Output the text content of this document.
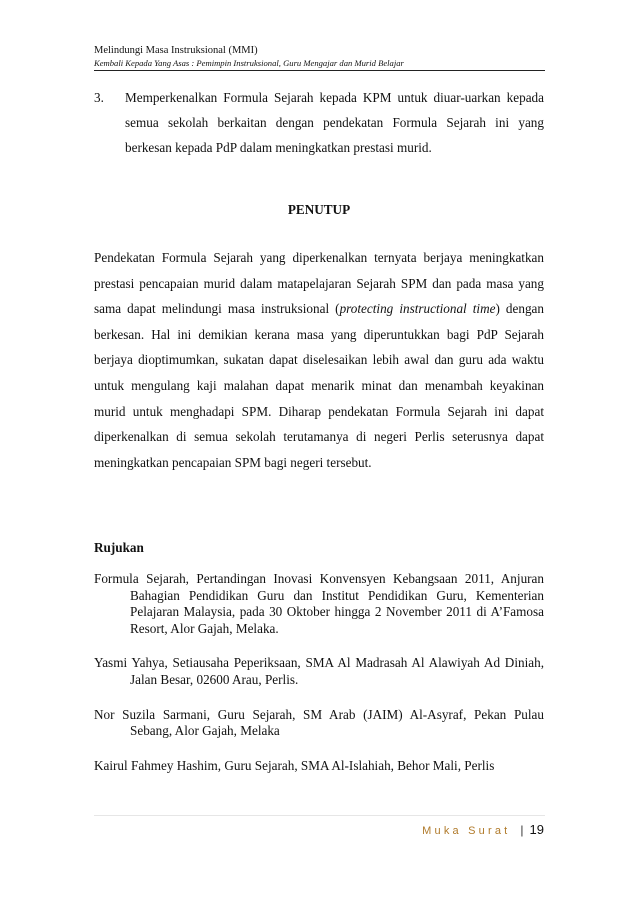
Melindungi Masa Instruksional (MMI)
Kembali Kepada Yang Asas : Pemimpin Instruksional, Guru Mengajar dan Murid Belajar
3. Memperkenalkan Formula Sejarah kepada KPM untuk diuar-uarkan kepada semua sekolah berkaitan dengan pendekatan Formula Sejarah ini yang berkesan kepada PdP dalam meningkatkan prestasi murid.
PENUTUP
Pendekatan Formula Sejarah yang diperkenalkan ternyata berjaya meningkatkan prestasi pencapaian murid dalam matapelajaran Sejarah SPM dan pada masa yang sama dapat melindungi masa instruksional (protecting instructional time) dengan berkesan. Hal ini demikian kerana masa yang diperuntukkan bagi PdP Sejarah berjaya dioptimumkan, sukatan dapat diselesaikan lebih awal dan guru ada waktu untuk mengulang kaji malahan dapat menarik minat dan menambah keyakinan murid untuk menghadapi SPM. Diharap pendekatan Formula Sejarah ini dapat diperkenalkan di semua sekolah terutamanya di negeri Perlis seterusnya dapat meningkatkan pencapaian SPM bagi negeri tersebut.
Rujukan
Formula Sejarah, Pertandingan Inovasi Konvensyen Kebangsaan 2011, Anjuran Bahagian Pendidikan Guru dan Institut Pendidikan Guru, Kementerian Pelajaran Malaysia, pada 30 Oktober hingga 2 November 2011 di A’Famosa Resort, Alor Gajah, Melaka.
Yasmi Yahya, Setiausaha Peperiksaan, SMA Al Madrasah Al Alawiyah Ad Diniah, Jalan Besar, 02600 Arau, Perlis.
Nor Suzila Sarmani, Guru Sejarah, SM Arab (JAIM) Al-Asyraf, Pekan Pulau Sebang, Alor Gajah, Melaka
Kairul Fahmey Hashim, Guru Sejarah, SMA Al-Islahiah, Behor Mali, Perlis
Muka Surat | 19
